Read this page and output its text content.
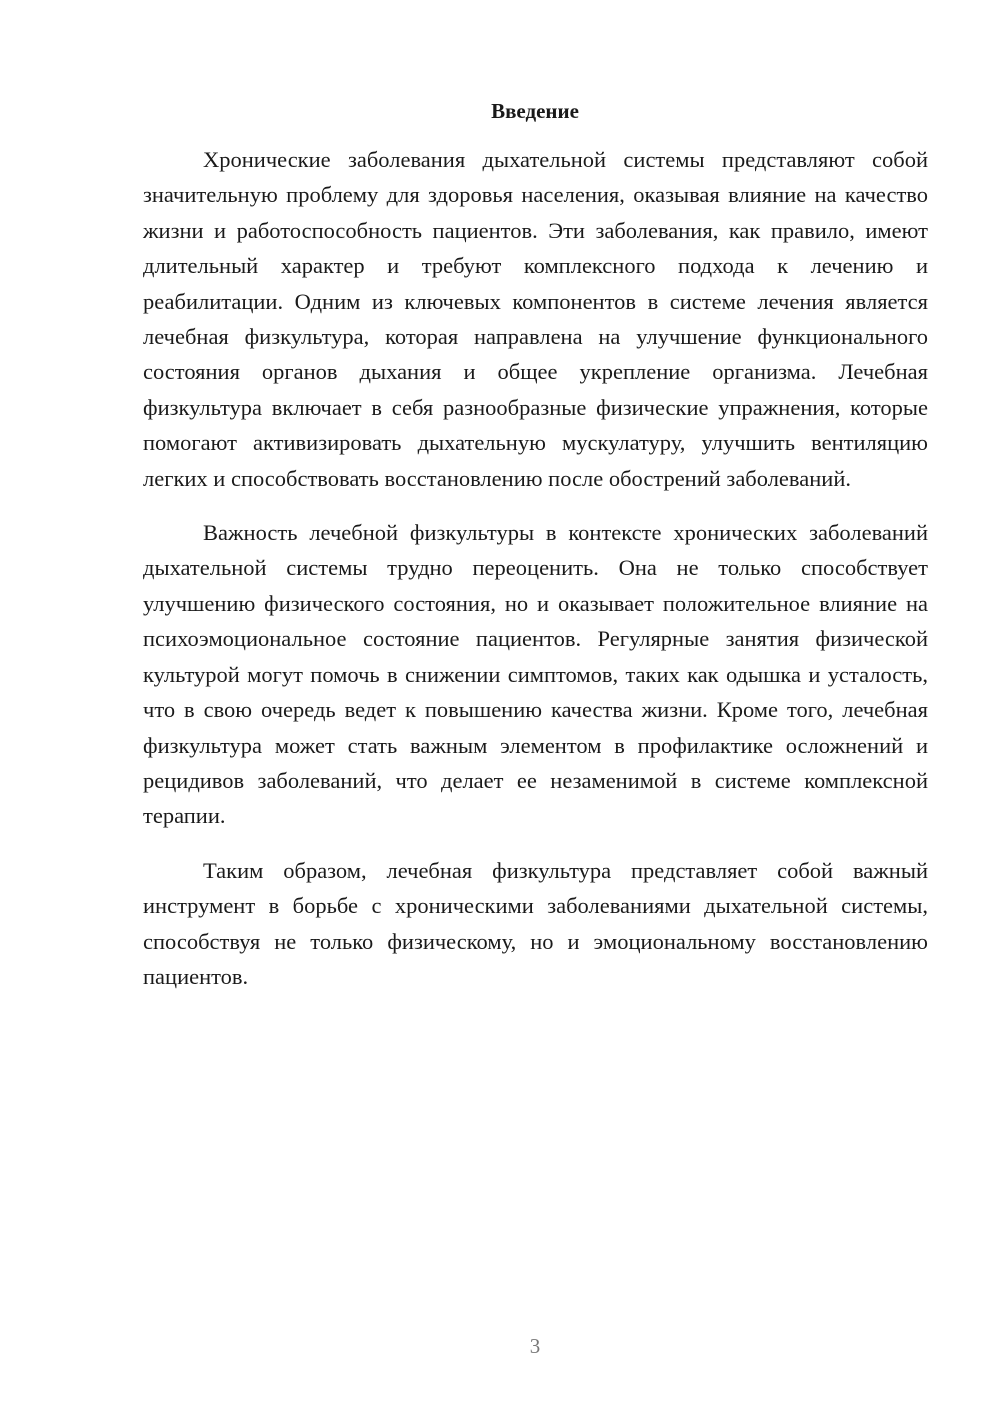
Введение

Хронические заболевания дыхательной системы представляют собой значительную проблему для здоровья населения, оказывая влияние на качество жизни и работоспособность пациентов. Эти заболевания, как правило, имеют длительный характер и требуют комплексного подхода к лечению и реабилитации. Одним из ключевых компонентов в системе лечения является лечебная физкультура, которая направлена на улучшение функционального состояния органов дыхания и общее укрепление организма. Лечебная физкультура включает в себя разнообразные физические упражнения, которые помогают активизировать дыхательную мускулатуру, улучшить вентиляцию легких и способствовать восстановлению после обострений заболеваний.

Важность лечебной физкультуры в контексте хронических заболеваний дыхательной системы трудно переоценить. Она не только способствует улучшению физического состояния, но и оказывает положительное влияние на психоэмоциональное состояние пациентов. Регулярные занятия физической культурой могут помочь в снижении симптомов, таких как одышка и усталость, что в свою очередь ведет к повышению качества жизни. Кроме того, лечебная физкультура может стать важным элементом в профилактике осложнений и рецидивов заболеваний, что делает ее незаменимой в системе комплексной терапии.

Таким образом, лечебная физкультура представляет собой важный инструмент в борьбе с хроническими заболеваниями дыхательной системы, способствуя не только физическому, но и эмоциональному восстановлению пациентов.

3
